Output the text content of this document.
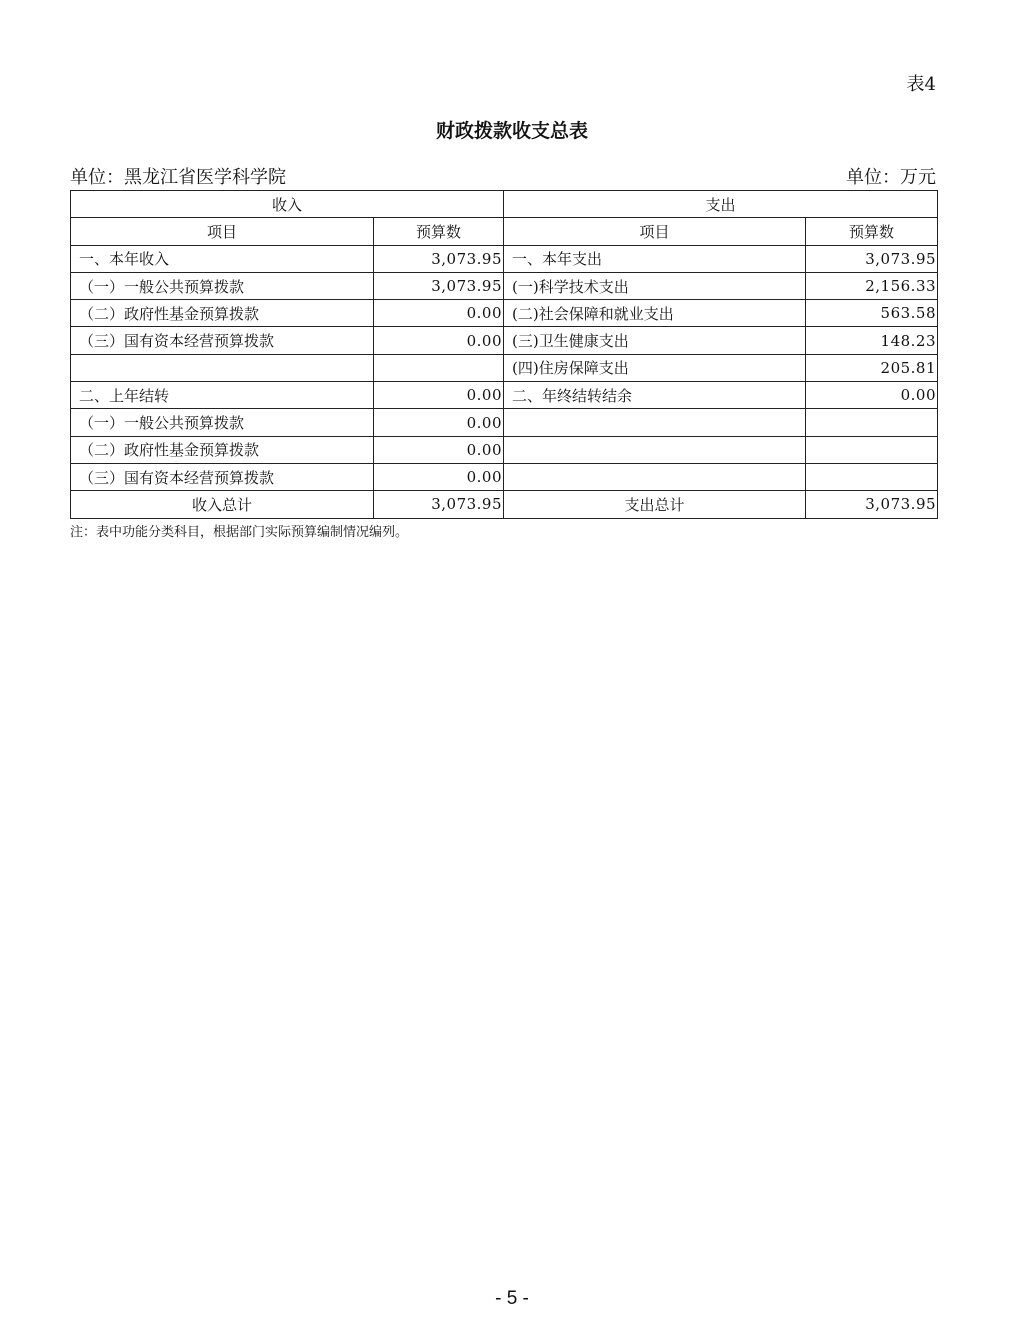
表4
财政拨款收支总表
单位：黑龙江省医学科学院	单位：万元
收入		支出	
项目	预算数	项目	预算数
一、本年收入	3,073.95	一、本年支出	3,073.95
（一）一般公共预算拨款	3,073.95	(一)科学技术支出	2,156.33
（二）政府性基金预算拨款	0.00	(二)社会保障和就业支出	563.58
（三）国有资本经营预算拨款	0.00	(三)卫生健康支出	148.23
		(四)住房保障支出	205.81
二、上年结转	0.00	二、年终结转结余	0.00
（一）一般公共预算拨款	0.00		
（二）政府性基金预算拨款	0.00		
（三）国有资本经营预算拨款	0.00		
收入总计	3,073.95	支出总计	3,073.95
注：表中功能分类科目，根据部门实际预算编制情况编列。
- 5 -
